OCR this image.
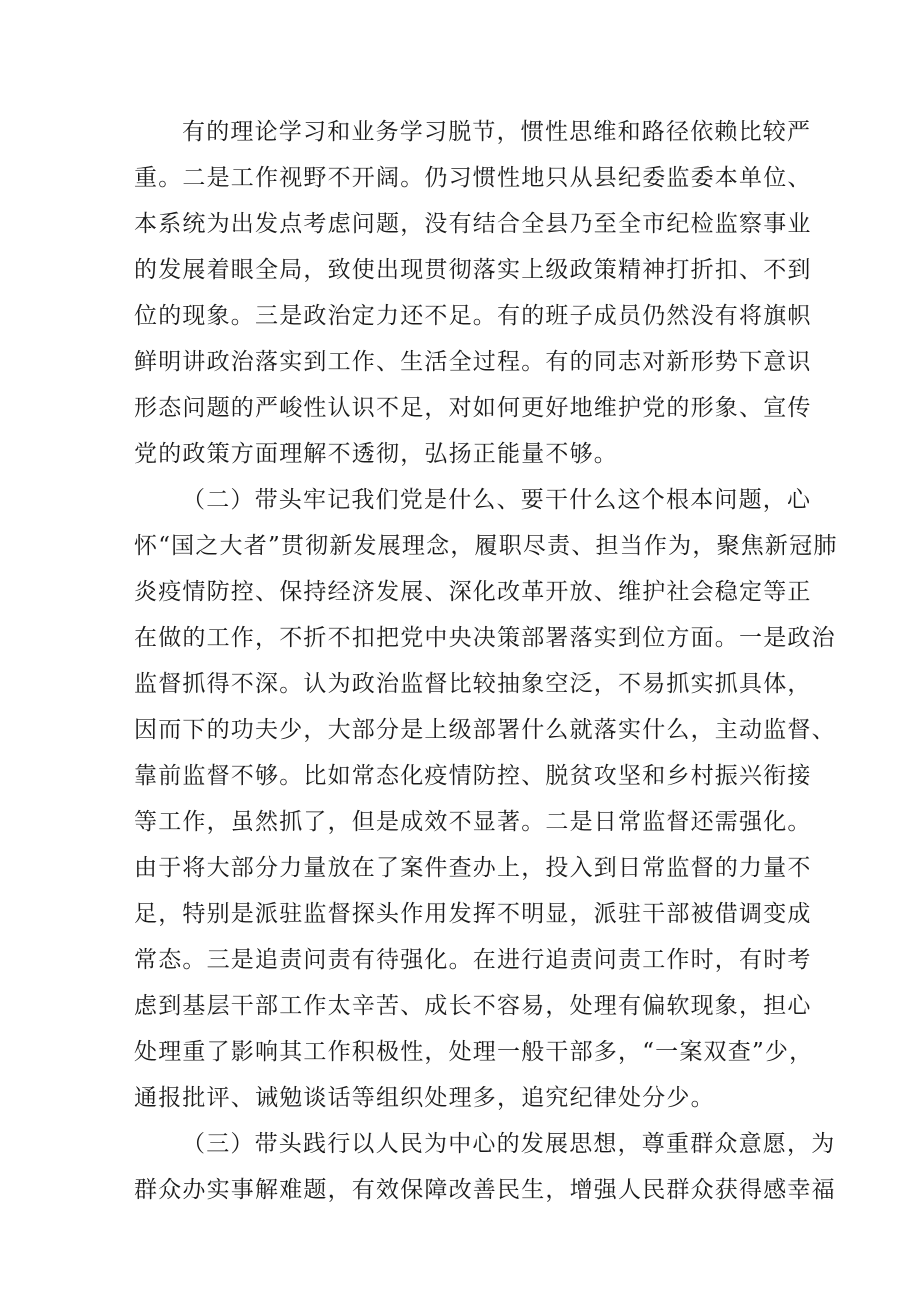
有的理论学习和业务学习脱节，惯性思维和路径依赖比较严
重。二是工作视野不开阔。仍习惯性地只从县纪委监委本单位、
本系统为出发点考虑问题，没有结合全县乃至全市纪检监察事业
的发展着眼全局，致使出现贯彻落实上级政策精神打折扣、不到
位的现象。三是政治定力还不足。有的班子成员仍然没有将旗帜
鲜明讲政治落实到工作、生活全过程。有的同志对新形势下意识
形态问题的严峻性认识不足，对如何更好地维护党的形象、宣传
党的政策方面理解不透彻，弘扬正能量不够。
（二）带头牢记我们党是什么、要干什么这个根本问题，心
怀“国之大者”贯彻新发展理念，履职尽责、担当作为，聚焦新冠肺
炎疫情防控、保持经济发展、深化改革开放、维护社会稳定等正
在做的工作，不折不扣把党中央决策部署落实到位方面。一是政治
监督抓得不深。认为政治监督比较抽象空泛，不易抓实抓具体，
因而下的功夫少，大部分是上级部署什么就落实什么，主动监督、
靠前监督不够。比如常态化疫情防控、脱贫攻坚和乡村振兴衔接
等工作，虽然抓了，但是成效不显著。二是日常监督还需强化。
由于将大部分力量放在了案件查办上，投入到日常监督的力量不
足，特别是派驻监督探头作用发挥不明显，派驻干部被借调变成
常态。三是追责问责有待强化。在进行追责问责工作时，有时考
虑到基层干部工作太辛苦、成长不容易，处理有偏软现象，担心
处理重了影响其工作积极性，处理一般干部多，“一案双查”少，
通报批评、诫勉谈话等组织处理多，追究纪律处分少。
（三）带头践行以人民为中心的发展思想，尊重群众意愿，为
群众办实事解难题，有效保障改善民生，增强人民群众获得感幸福
